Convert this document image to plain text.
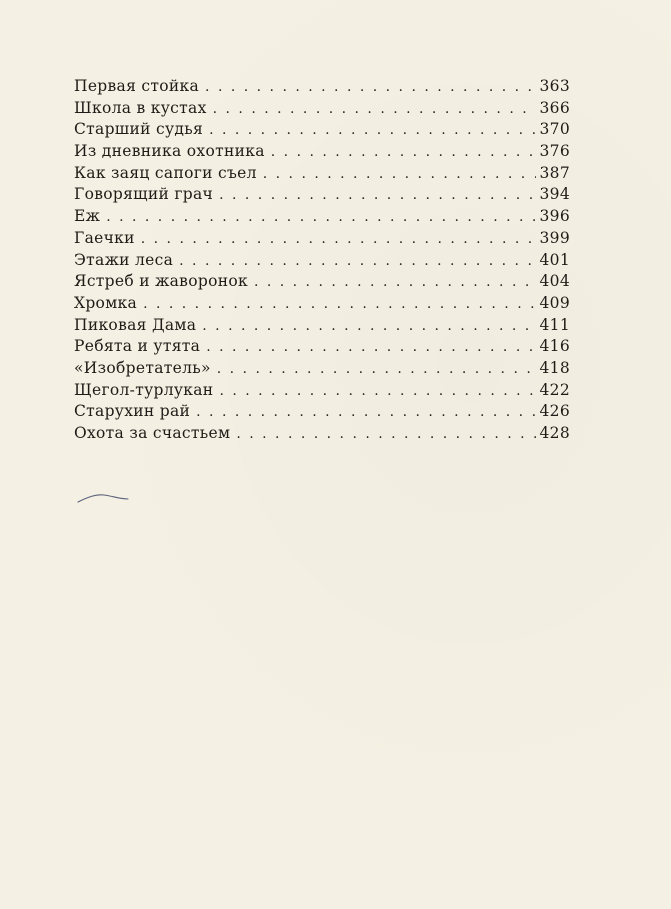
Первая стойка . . .	363
Школа в кустах . . .	366
Старший судья . . .	370
Из дневника охотника . . .	376
Как заяц сапоги съел . . .	387
Говорящий грач . . .	394
Еж . . .	396
Гаечки . . .	399
Этажи леса . . .	401
Ястреб и жаворонок . . .	404
Хромка . . .	409
Пиковая Дама . . .	411
Ребята и утята . . .	416
«Изобретатель» . . .	418
Щегол-турлукан . . .	422
Старухин рай . . .	426
Охота за счастьем . . .	428
